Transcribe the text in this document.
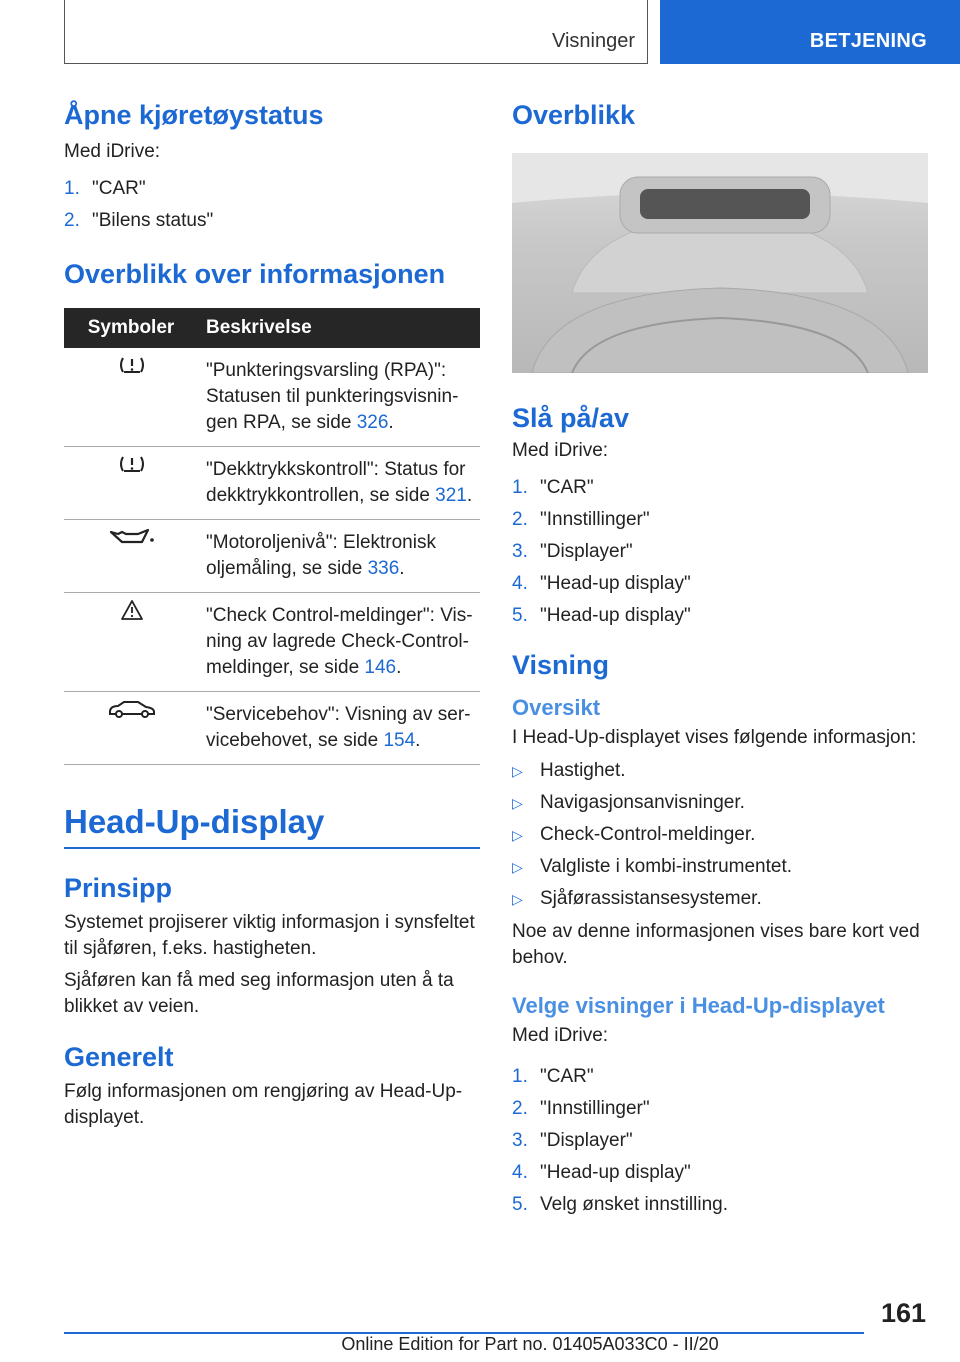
Visninger	BETJENING
Åpne kjøretøystatus

Med iDrive:

1. "CAR"
2. "Bilens status"
Overblikk over informasjonen
Symboler	Beskrivelse
	"Punkteringsvarsling (RPA)": Statusen til punkteringsvisningen RPA, se side 326.
	"Dekktrykkskontroll": Status for dekktrykkontrollen, se side 321.
	"Motoroljenivå": Elektronisk oljemåling, se side 336.
	"Check Control-meldinger": Visning av lagrede Check-Control-meldinger, se side 146.
	"Servicebehov": Visning av servicebehovet, se side 154.
Head-Up-display
Prinsipp

Systemet projiserer viktig informasjon i synsfeltet til sjåføren, f.eks. hastigheten.

Sjåføren kan få med seg informasjon uten å ta blikket av veien.

Generelt

Følg informasjonen om rengjøring av Head-Up-displayet.

Overblikk
Slå på/av

Med iDrive:

1. "CAR"
2. "Innstillinger"
3. "Displayer"
4. "Head-up display"
5. "Head-up display"
Visning
Oversikt

I Head-Up-displayet vises følgende informasjon:

▷ Hastighet.
▷ Navigasjonsanvisninger.
▷ Check-Control-meldinger.
▷ Valgliste i kombi-instrumentet.
▷ Sjåførassistansesystemer.

Noe av denne informasjonen vises bare kort ved behov.

Velge visninger i Head-Up-displayet

Med iDrive:

1. "CAR"
2. "Innstillinger"
3. "Displayer"
4. "Head-up display"
5. Velg ønsket innstilling.
161
Online Edition for Part no. 01405A033C0 - II/20
